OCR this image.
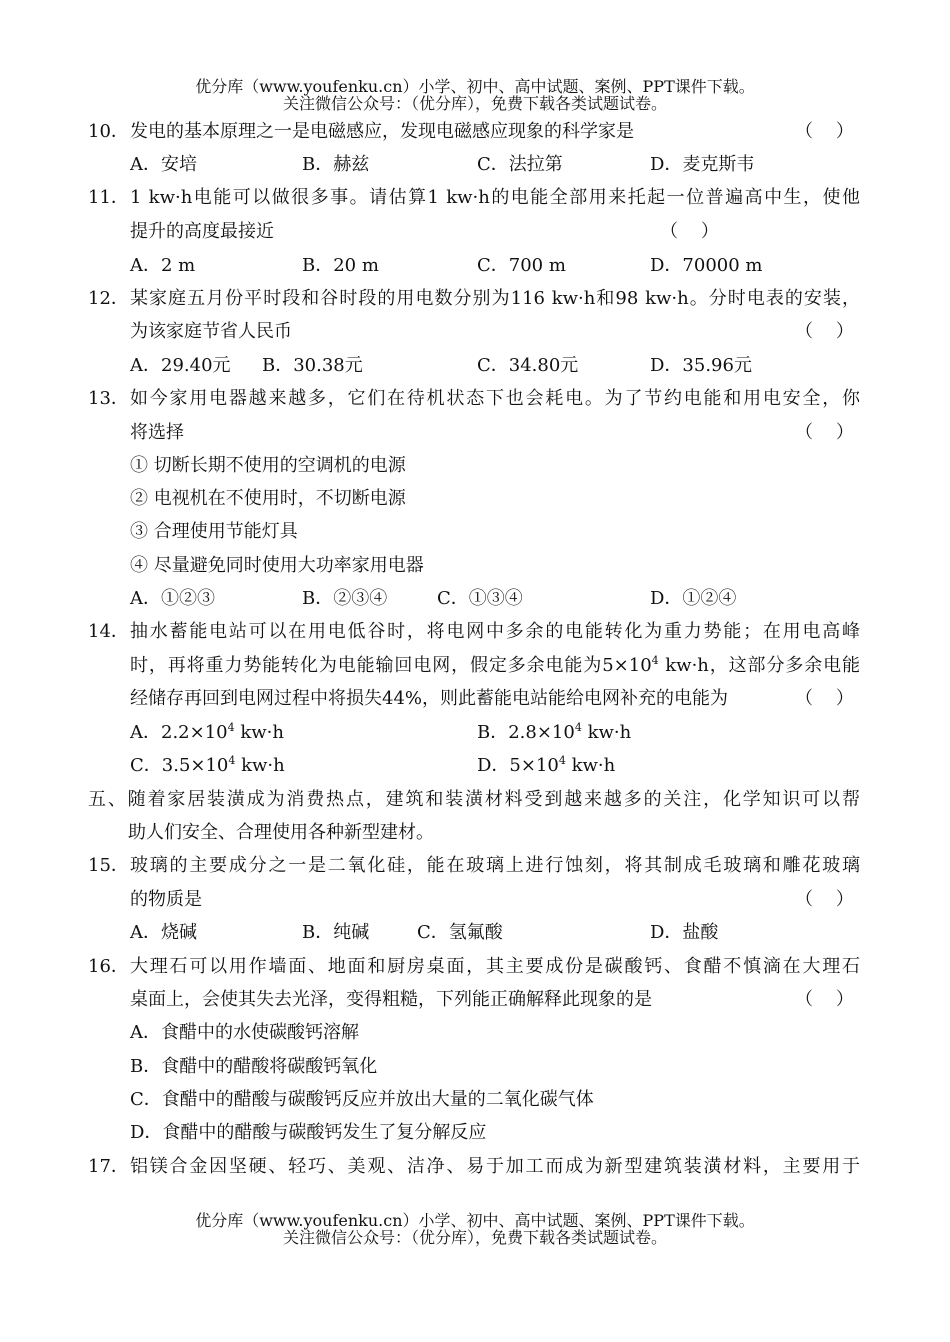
优分库（www.youfenku.cn）小学、初中、高中试题、案例、PPT课件下载。
关注微信公众号：（优分库），免费下载各类试题试卷。
10． 发电的基本原理之一是电磁感应，发现电磁感应现象的科学家是	（    ）
A．安培	B．赫兹	C．法拉第	D．麦克斯韦
11． 1 kw·h电能可以做很多事。请估算1 kw·h的电能全部用来托起一位普遍高中生，使他
提升的高度最接近	（    ）
A．2 m	B．20 m	C．700 m	D．70000 m
12． 某家庭五月份平时段和谷时段的用电数分别为116 kw·h和98 kw·h。分时电表的安装，
为该家庭节省人民币	（    ）
A．29.40元 B．30.38元	C．34.80元	D．35.96元
13． 如今家用电器越来越多，它们在待机状态下也会耗电。为了节约电能和用电安全，你
将选择	（    ）
① 切断长期不使用的空调机的电源
② 电视机在不使用时，不切断电源
③ 合理使用节能灯具
④ 尽量避免同时使用大功率家用电器
A．①②③	B．②③④	C．①③④	D．①②④
14． 抽水蓄能电站可以在用电低谷时，将电网中多余的电能转化为重力势能；在用电高峰
时，再将重力势能转化为电能输回电网，假定多余电能为$5\times 10^4$ kw·h，这部分多余电能
经储存再回到电网过程中将损失44%，则此蓄能电站能给电网补充的电能为	（    ）
A．$2.2\times 10^4$ kw·h	B．$2.8\times 10^4$ kw·h
C．$3.5\times 10^4$ kw·h	D．$5\times 10^4$ kw·h
五、随着家居装潢成为消费热点，建筑和装潢材料受到越来越多的关注，化学知识可以帮
助人们安全、合理使用各种新型建材。
15． 玻璃的主要成分之一是二氧化硅，能在玻璃上进行蚀刻，将其制成毛玻璃和雕花玻璃
的物质是	（    ）
A．烧碱	B．纯碱	C．氢氟酸	D．盐酸
16． 大理石可以用作墙面、地面和厨房桌面，其主要成份是碳酸钙、食醋不慎滴在大理石
桌面上，会使其失去光泽，变得粗糙，下列能正确解释此现象的是	（    ）
A．食醋中的水使碳酸钙溶解
B．食醋中的醋酸将碳酸钙氧化
C．食醋中的醋酸与碳酸钙反应并放出大量的二氧化碳气体
D．食醋中的醋酸与碳酸钙发生了复分解反应
17． 铝镁合金因坚硬、轻巧、美观、洁净、易于加工而成为新型建筑装潢材料，主要用于
优分库（www.youfenku.cn）小学、初中、高中试题、案例、PPT课件下载。
关注微信公众号：（优分库），免费下载各类试题试卷。
